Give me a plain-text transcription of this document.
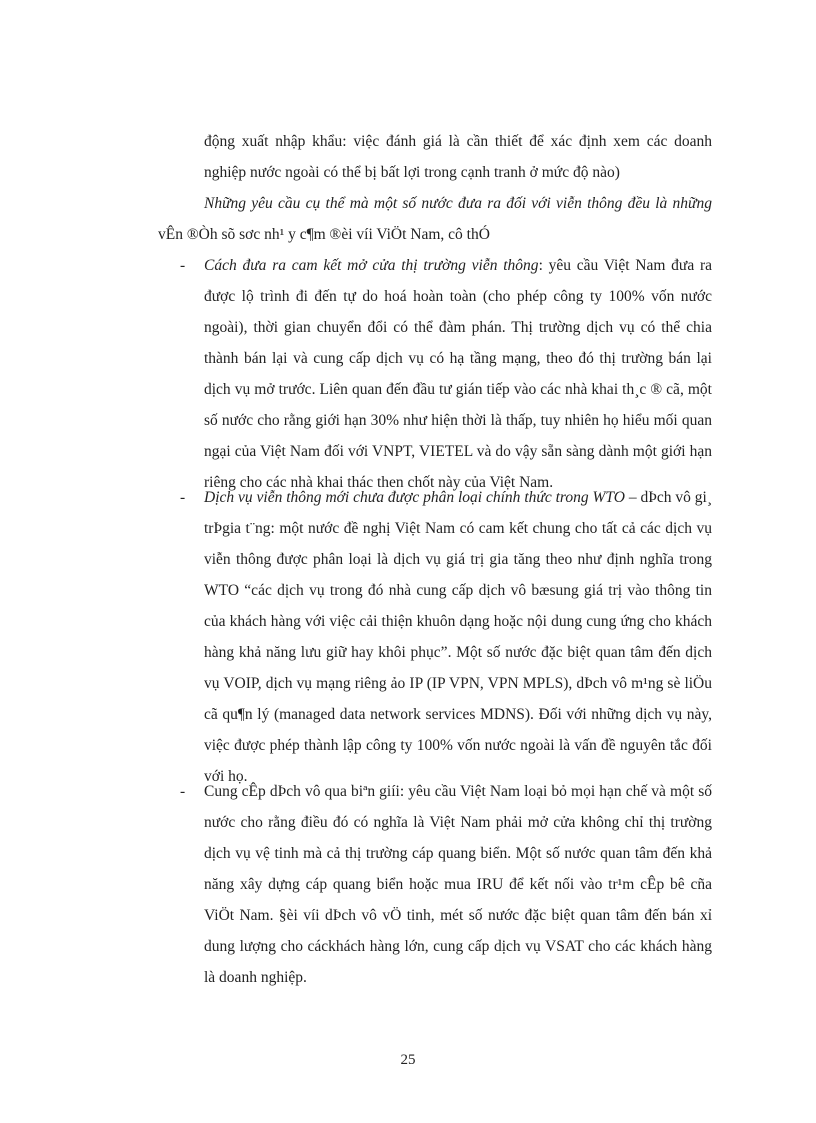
động xuất nhập khẩu: việc đánh giá là cần thiết để xác định xem các doanh nghiệp nước ngoài có thể bị bất lợi trong cạnh tranh ở mức độ nào)

Những yêu cầu cụ thể mà một số nước đưa ra đối với viễn thông đều là những vÊn ®Òh sõ sơc nh¹ y c¶m ®èi víi ViÖt Nam, cô thÓ

- Cách đưa ra cam kết mở cửa thị trường viễn thông: yêu cầu Việt Nam đưa ra được lộ trình đi đến tự do hoá hoàn toàn (cho phép công ty 100% vốn nước ngoài), thời gian chuyển đổi có thể đàm phán. Thị trường dịch vụ có thể chia thành bán lại và cung cấp dịch vụ có hạ tầng mạng, theo đó thị trường bán lại dịch vụ mở trước. Liên quan đến đầu tư gián tiếp vào các nhà khai th¸c ® cã, một số nước cho rằng giới hạn 30% như hiện thời là thấp, tuy nhiên họ hiểu mối quan ngại của Việt Nam đối với VNPT, VIETEL và do vậy sẵn sàng dành một giới hạn riêng cho các nhà khai thác then chốt này của Việt Nam.

- Dịch vụ viễn thông mới chưa được phân loại chính thức trong WTO – dÞch vô gi¸ trÞgia t¨ng: một nước đề nghị Việt Nam có cam kết chung cho tất cả các dịch vụ viễn thông được phân loại là dịch vụ giá trị gia tăng theo như định nghĩa trong WTO “các dịch vụ trong đó nhà cung cấp dịch vô bæsung giá trị vào thông tin của khách hàng với việc cải thiện khuôn dạng hoặc nội dung cung ứng cho khách hàng khả năng lưu giữ hay khôi phục”. Một số nước đặc biệt quan tâm đến dịch vụ VOIP, dịch vụ mạng riêng ảo IP (IP VPN, VPN MPLS), dÞch vô m¹ng sè liÖu cã qu¶n lý (managed data network services MDNS). Đối với những dịch vụ này, việc được phép thành lập công ty 100% vốn nước ngoài là vấn đề nguyên tắc đối với họ.

- Cung cÊp dÞch vô qua biªn giíi: yêu cầu Việt Nam loại bỏ mọi hạn chế và một số nước cho rằng điều đó có nghĩa là Việt Nam phải mở cửa không chỉ thị trường dịch vụ vệ tinh mà cả thị trường cáp quang biển. Một số nước quan tâm đến khả năng xây dựng cáp quang biển hoặc mua IRU để kết nối vào tr¹m cÊp bê cña ViÖt Nam. §èi víi dÞch vô vÖ tinh, mét số nước đặc biệt quan tâm đến bán xỉ dung lượng cho cáckhách hàng lớn, cung cấp dịch vụ VSAT cho các khách hàng là doanh nghiệp.

25
